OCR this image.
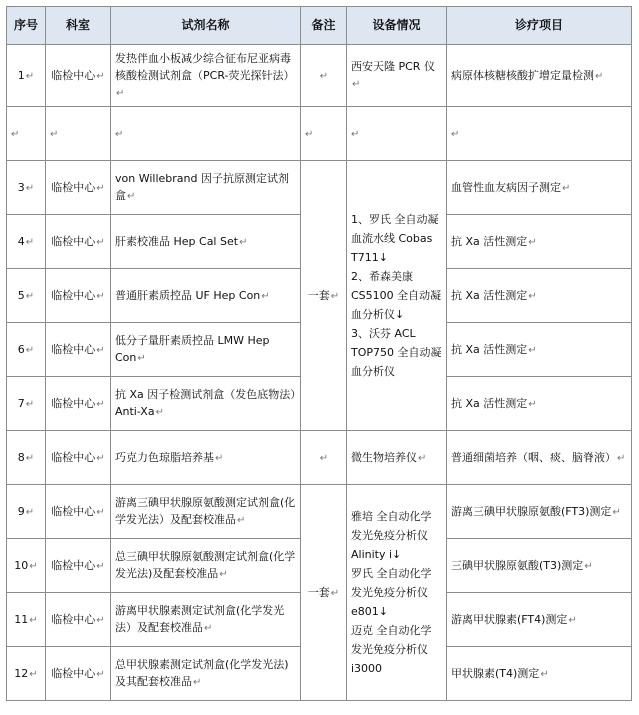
序号	科室	试剂名称	备注	设备情况	诊疗项目
1↵	临检中心↵	发热伴血小板减少综合征布尼亚病毒核酸检测试剂盒（PCR-荧光探针法）↵	↵	西安天隆 PCR 仪↵	病原体核糖核酸扩增定量检测↵
↵	↵	↵	↵	↵	↵
3↵	临检中心↵	von Willebrand 因子抗原测定试剂盒↵	一套↵	1、罗氏 全自动凝血流水线 Cobas T711↓
2、希森美康 CS5100 全自动凝血分析仪↓
3、沃芬 ACL TOP750 全自动凝血分析仪	血管性血友病因子测定↵
4↵	临检中心↵	肝素校准品 Hep Cal Set↵			抗 Xa 活性测定↵
5↵	临检中心↵	普通肝素质控品 UF Hep Con↵			抗 Xa 活性测定↵
6↵	临检中心↵	低分子量肝素质控品 LMW Hep Con↵			抗 Xa 活性测定↵
7↵	临检中心↵	抗 Xa 因子检测试剂盒（发色底物法）Anti-Xa↵			抗 Xa 活性测定↵
8↵	临检中心↵	巧克力色琼脂培养基↵	↵	微生物培养仪↵	普通细菌培养（咽、痰、脑脊液）↵
9↵	临检中心↵	游离三碘甲状腺原氨酸测定试剂盒(化学发光法）及配套校准品↵	一套↵	雅培 全自动化学发光免疫分析仪 Alinity i↓
罗氏 全自动化学发光免疫分析仪 e801↓
迈克 全自动化学发光免疫分析仪 i3000	游离三碘甲状腺原氨酸(FT3)测定↵
10↵	临检中心↵	总三碘甲状腺原氨酸测定试剂盒(化学发光法)及配套校准品↵			三碘甲状腺原氨酸(T3)测定↵
11↵	临检中心↵	游离甲状腺素测定试剂盒(化学发光法）及配套校准品↵			游离甲状腺素(FT4)测定↵
12↵	临检中心↵	总甲状腺素测定试剂盒(化学发光法)及其配套校准品↵			甲状腺素(T4)测定↵
